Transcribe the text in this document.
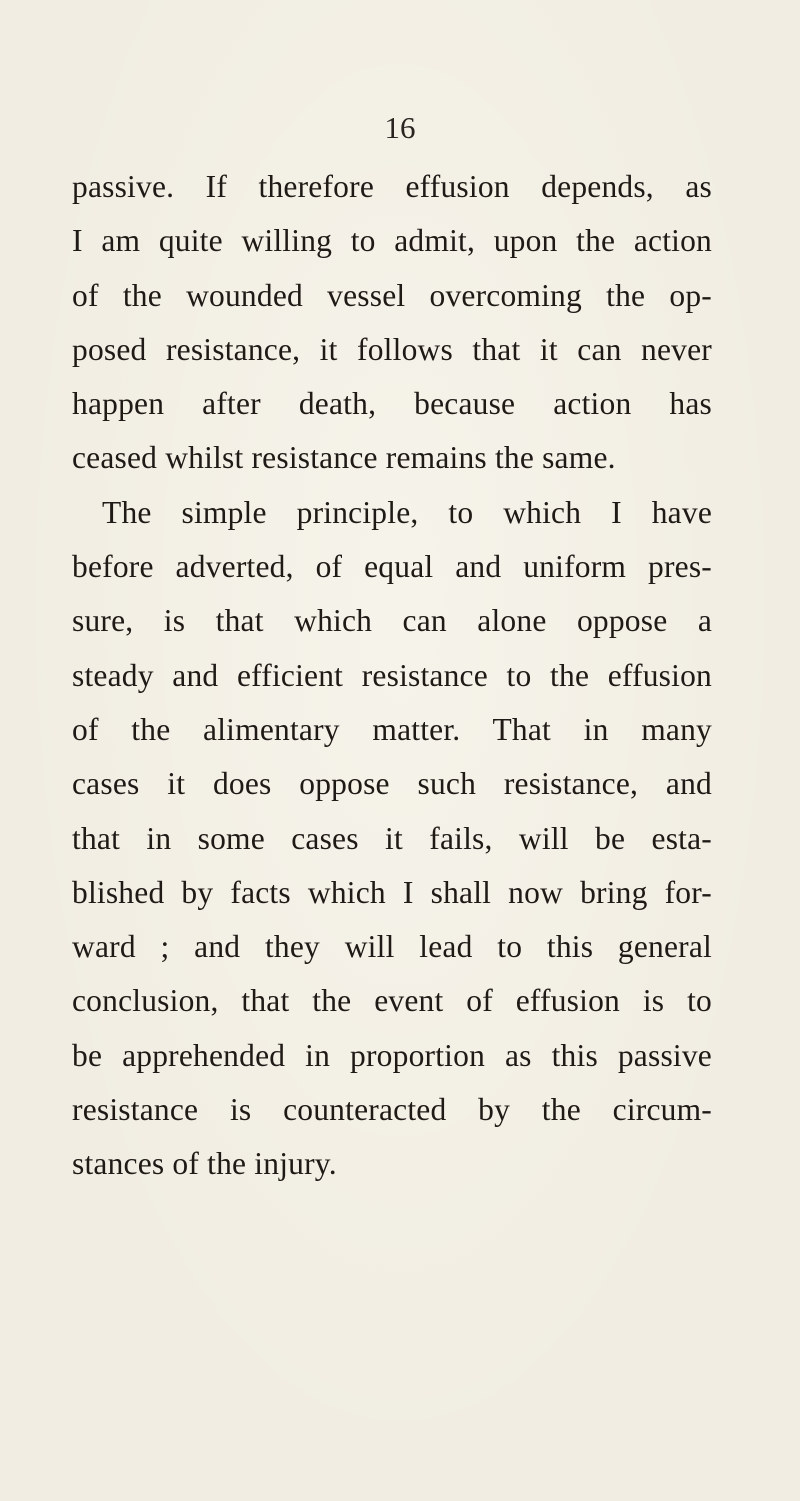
16
passive. If therefore effusion depends, as
I am quite willing to admit, upon the action
of the wounded vessel overcoming the op-
posed resistance, it follows that it can never
happen after death, because action has
ceased whilst resistance remains the same.
The simple principle, to which I have
before adverted, of equal and uniform pres-
sure, is that which can alone oppose a
steady and efficient resistance to the effusion
of the alimentary matter. That in many
cases it does oppose such resistance, and
that in some cases it fails, will be esta-
blished by facts which I shall now bring for-
ward ; and they will lead to this general
conclusion, that the event of effusion is to
be apprehended in proportion as this passive
resistance is counteracted by the circum-
stances of the injury.
